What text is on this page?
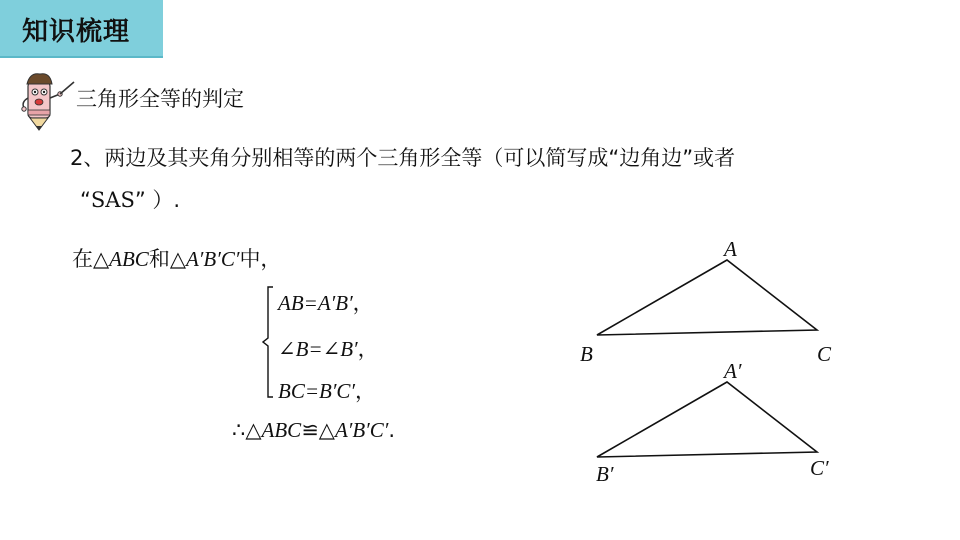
知识梳理
三角形全等的判定
2、两边及其夹角分别相等的两个三角形全等（可以简写成“边角边”或者
“SAS” ）.
在△ABC和△A′B′C′中，
AB=A′B′，
∠B=∠B′，
BC=B′C′，
∴△ABC≌△A′B′C′.
A
B	C
A′
B′	C′
